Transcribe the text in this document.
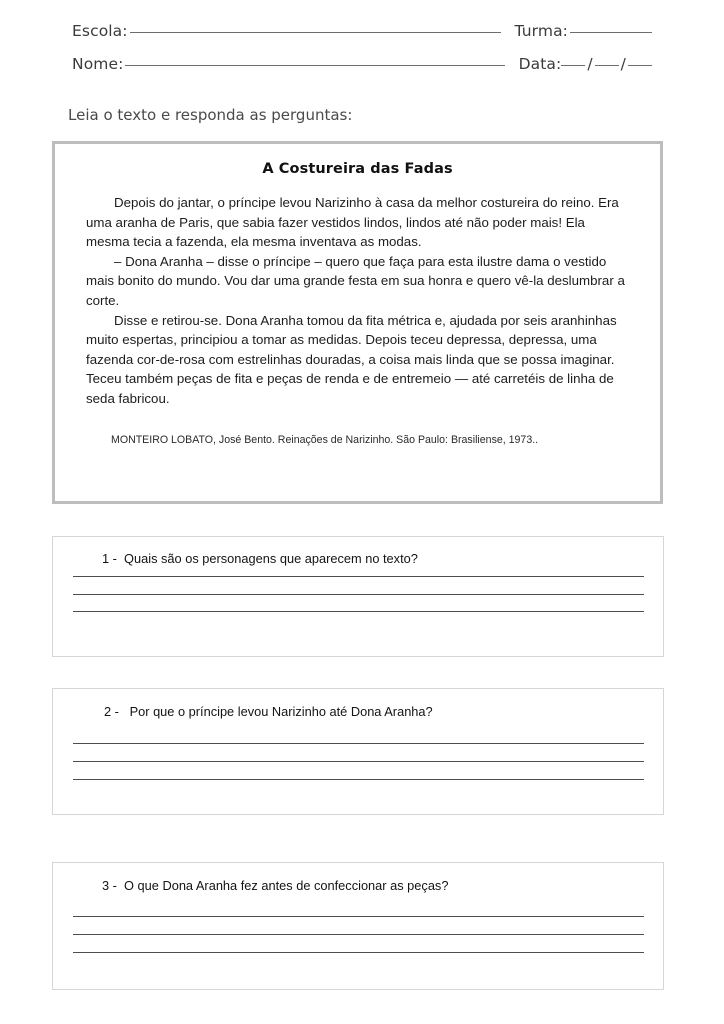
Escola:	Turma:
Nome:	Data: / /
Leia o texto e responda as perguntas:
A Costureira das Fadas

Depois do jantar, o príncipe levou Narizinho à casa da melhor costureira do reino. Era uma aranha de Paris, que sabia fazer vestidos lindos, lindos até não poder mais! Ela mesma tecia a fazenda, ela mesma inventava as modas.

– Dona Aranha – disse o príncipe – quero que faça para esta ilustre dama o vestido mais bonito do mundo. Vou dar uma grande festa em sua honra e quero vê-la deslumbrar a corte.

Disse e retirou-se. Dona Aranha tomou da fita métrica e, ajudada por seis aranhinhas muito espertas, principiou a tomar as medidas. Depois teceu depressa, depressa, uma fazenda cor-de-rosa com estrelinhas douradas, a coisa mais linda que se possa imaginar. Teceu também peças de fita e peças de renda e de entremeio — até carretéis de linha de seda fabricou.

MONTEIRO LOBATO, José Bento. Reinações de Narizinho. São Paulo: Brasiliense, 1973..
1 -  Quais são os personagens que aparecem no texto?
2 -   Por que o príncipe levou Narizinho até Dona Aranha?
3 -  O que Dona Aranha fez antes de confeccionar as peças?
